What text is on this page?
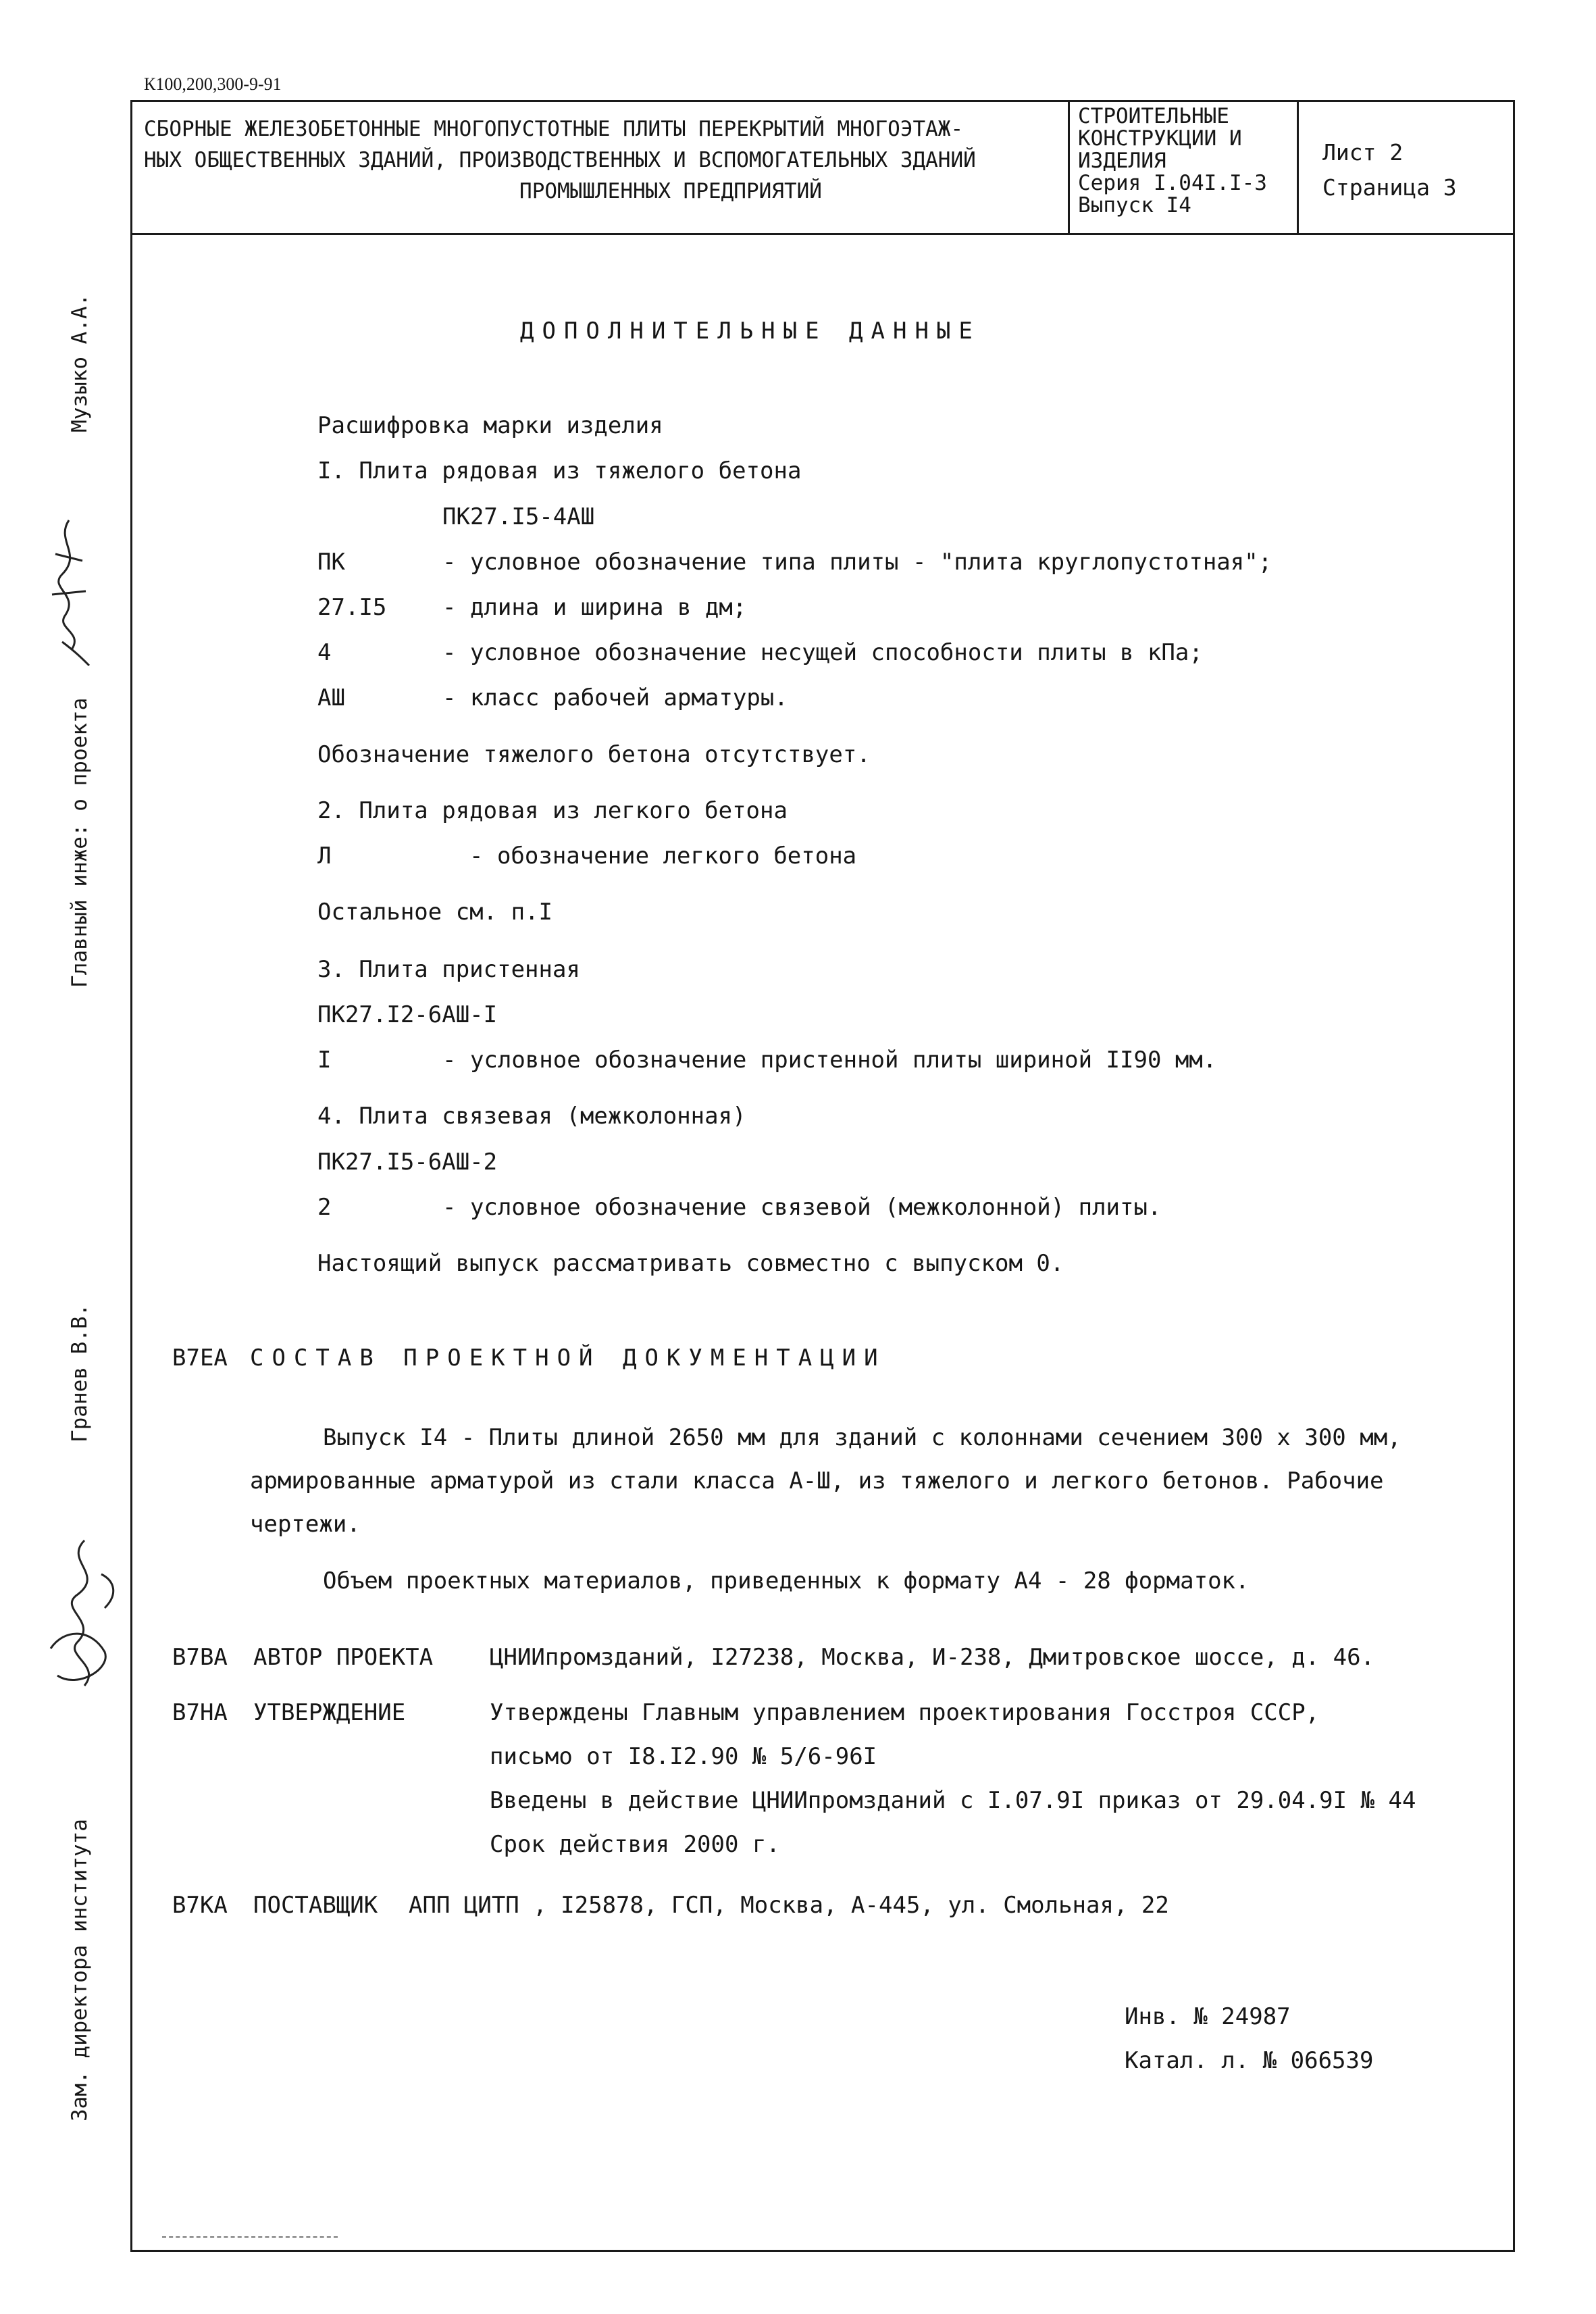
К100,200,300-9-91
СБОРНЫЕ ЖЕЛЕЗОБЕТОННЫЕ МНОГОПУСТОТНЫЕ ПЛИТЫ ПЕРЕКРЫТИЙ МНОГОЭТАЖ-
НЫХ ОБЩЕСТВЕННЫХ ЗДАНИЙ, ПРОИЗВОДСТВЕННЫХ И ВСПОМОГАТЕЛЬНЫХ ЗДАНИЙ
ПРОМЫШЛЕННЫХ ПРЕДПРИЯТИЙ
СТРОИТЕЛЬНЫЕ
КОНСТРУКЦИИ И
ИЗДЕЛИЯ
Серия I.04I.I-3
Выпуск I4
Лист 2
Страница 3
Музыко А.А.
Главный инже: о проекта
Гранев В.В.
Зам. директора института
ДОПОЛНИТЕЛЬНЫЕ ДАННЫЕ
Расшифровка марки изделия
I. Плита рядовая из тяжелого бетона
ПК27.I5-4АШ
ПК	- условное обозначение типа плиты - "плита круглопустотная";
27.I5 - длина и ширина в дм;
4	- условное обозначение несущей способности плиты в кПа;
АШ	- класс рабочей арматуры.
Обозначение тяжелого бетона отсутствует.
2. Плита рядовая из легкого бетона
Л	- обозначение легкого бетона
Остальное см. п.I
3. Плита пристенная
ПК27.I2-6АШ-I
I	- условное обозначение пристенной плиты шириной II90 мм.
4. Плита связевая (межколонная)
ПК27.I5-6АШ-2
2	- условное обозначение связевой (межколонной) плиты.
Настоящий выпуск рассматривать совместно с выпуском 0.
В7ЕА СОСТАВ ПРОЕКТНОЙ ДОКУМЕНТАЦИИ
Выпуск I4 - Плиты длиной 2650 мм для зданий с колоннами сечением 300 х 300 мм,
армированные арматурой из стали класса А-Ш, из тяжелого и легкого бетонов. Рабочие
чертежи.
Объем проектных материалов, приведенных к формату А4 - 28 форматок.
В7ВА АВТОР ПРОЕКТА ЦНИИпромзданий, I27238, Москва, И-238, Дмитровское шоссе, д. 46.
В7НА УТВЕРЖДЕНИЕ	Утверждены Главным управлением проектирования Госстроя СССР,
письмо от I8.I2.90 № 5/6-96I
Введены в действие ЦНИИпромзданий с I.07.9I приказ от 29.04.9I № 44
Срок действия 2000 г.
В7КА ПОСТАВЩИК АПП ЦИТП , I25878, ГСП, Москва, А-445, ул. Смольная, 22
Инв. № 24987
Катал. л. № 066539
